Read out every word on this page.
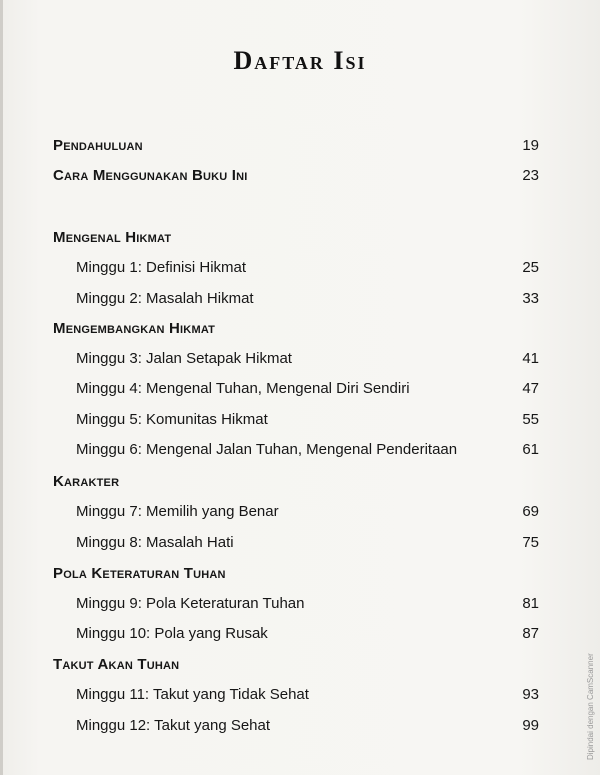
Daftar Isi
Pendahuluan	19
Cara Menggunakan Buku Ini	23
Mengenal Hikmat
Minggu 1: Definisi Hikmat	25
Minggu 2: Masalah Hikmat	33
Mengembangkan Hikmat
Minggu 3: Jalan Setapak Hikmat	41
Minggu 4: Mengenal Tuhan, Mengenal Diri Sendiri	47
Minggu 5: Komunitas Hikmat	55
Minggu 6: Mengenal Jalan Tuhan, Mengenal Penderitaan	61
Karakter
Minggu 7: Memilih yang Benar	69
Minggu 8: Masalah Hati	75
Pola Keteraturan Tuhan
Minggu 9: Pola Keteraturan Tuhan	81
Minggu 10: Pola yang Rusak	87
Takut Akan Tuhan
Minggu 11: Takut yang Tidak Sehat	93
Minggu 12: Takut yang Sehat	99	Dipindai dengan CamScanner
